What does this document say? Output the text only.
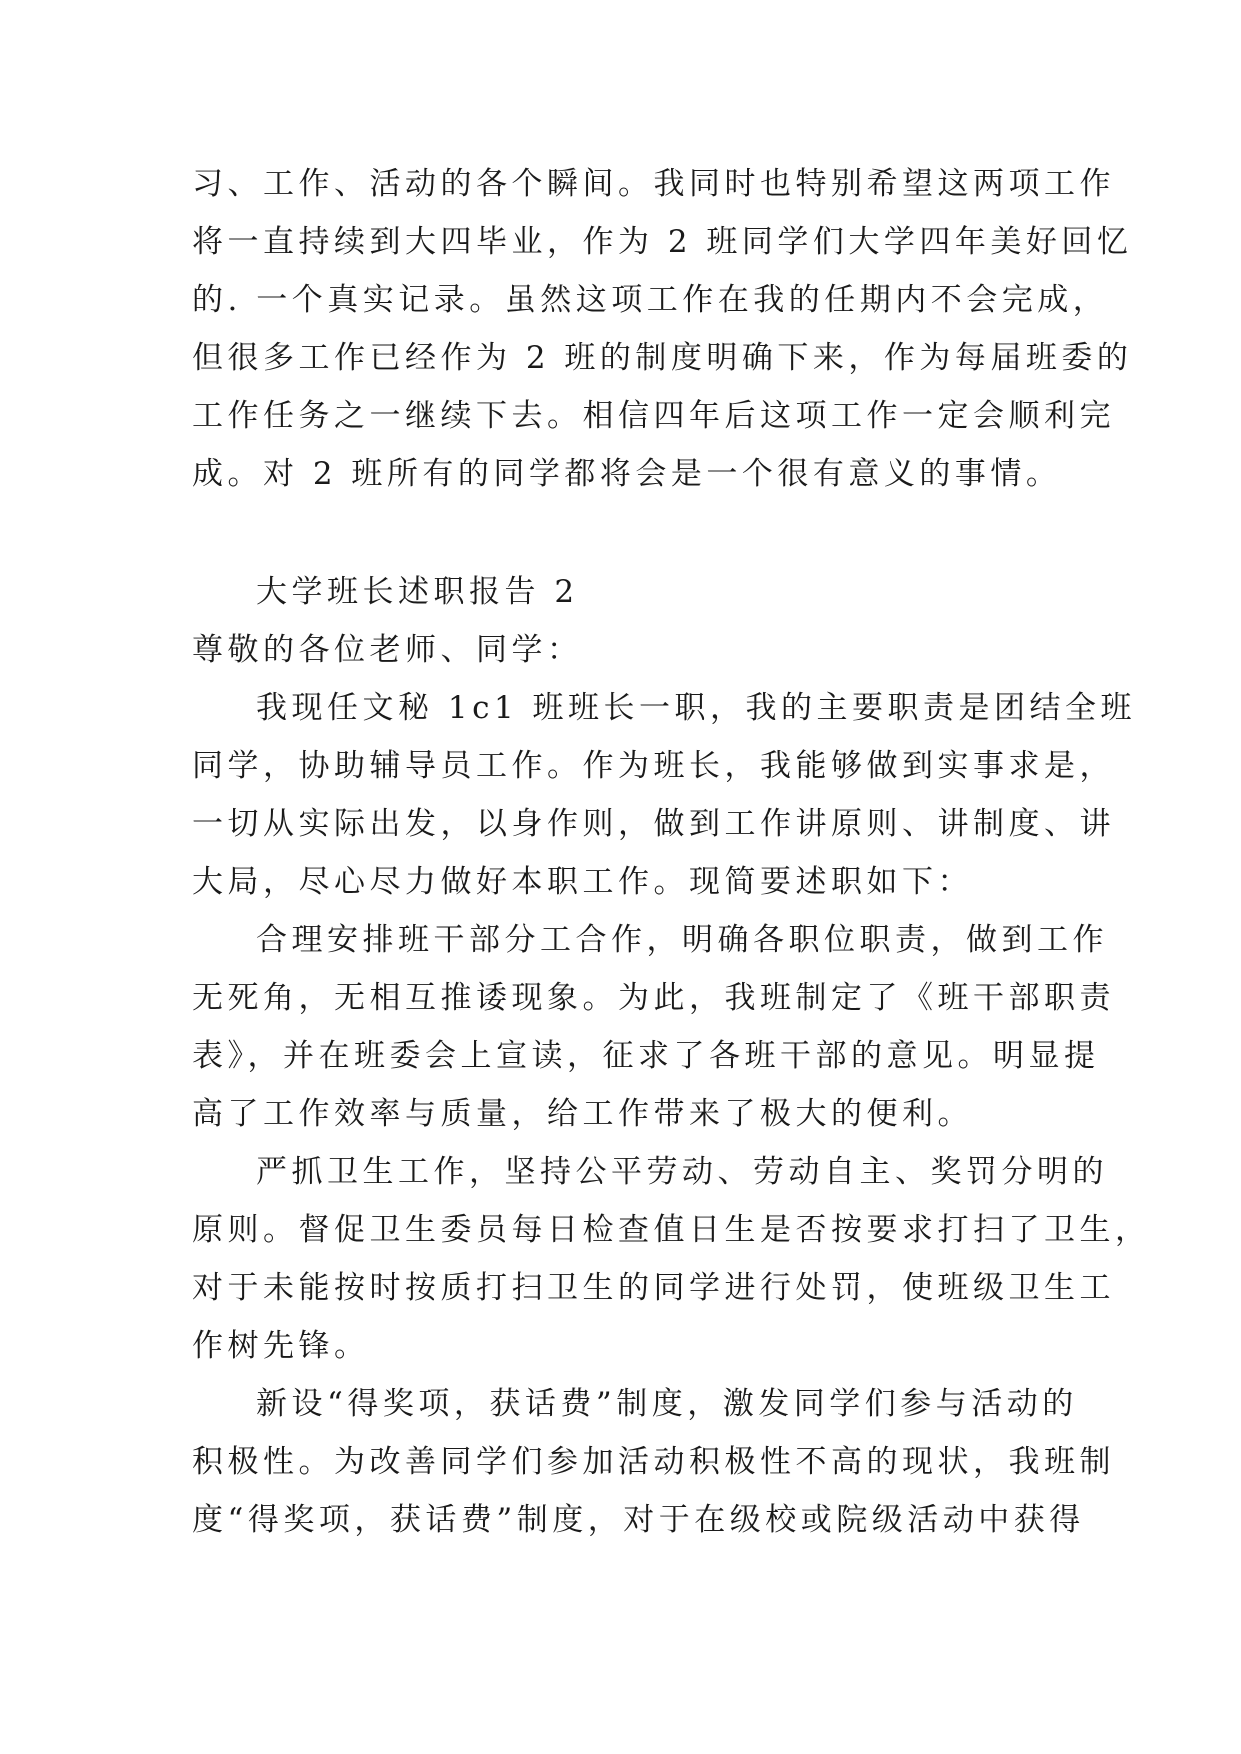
习、工作、活动的各个瞬间。我同时也特别希望这两项工作
将一直持续到大四毕业，作为 2 班同学们大学四年美好回忆
的. 一个真实记录。虽然这项工作在我的任期内不会完成，
但很多工作已经作为 2 班的制度明确下来，作为每届班委的
工作任务之一继续下去。相信四年后这项工作一定会顺利完
成。对 2 班所有的同学都将会是一个很有意义的事情。
大学班长述职报告 2
尊敬的各位老师、同学：
我现任文秘 1c1 班班长一职，我的主要职责是团结全班
同学，协助辅导员工作。作为班长，我能够做到实事求是，
一切从实际出发，以身作则，做到工作讲原则、讲制度、讲
大局，尽心尽力做好本职工作。现简要述职如下：
合理安排班干部分工合作，明确各职位职责，做到工作
无死角，无相互推诿现象。为此，我班制定了《班干部职责
表》，并在班委会上宣读，征求了各班干部的意见。明显提
高了工作效率与质量，给工作带来了极大的便利。
严抓卫生工作，坚持公平劳动、劳动自主、奖罚分明的
原则。督促卫生委员每日检查值日生是否按要求打扫了卫生，
对于未能按时按质打扫卫生的同学进行处罚，使班级卫生工
作树先锋。
新设“得奖项，获话费”制度，激发同学们参与活动的
积极性。为改善同学们参加活动积极性不高的现状，我班制
度“得奖项，获话费”制度，对于在级校或院级活动中获得
